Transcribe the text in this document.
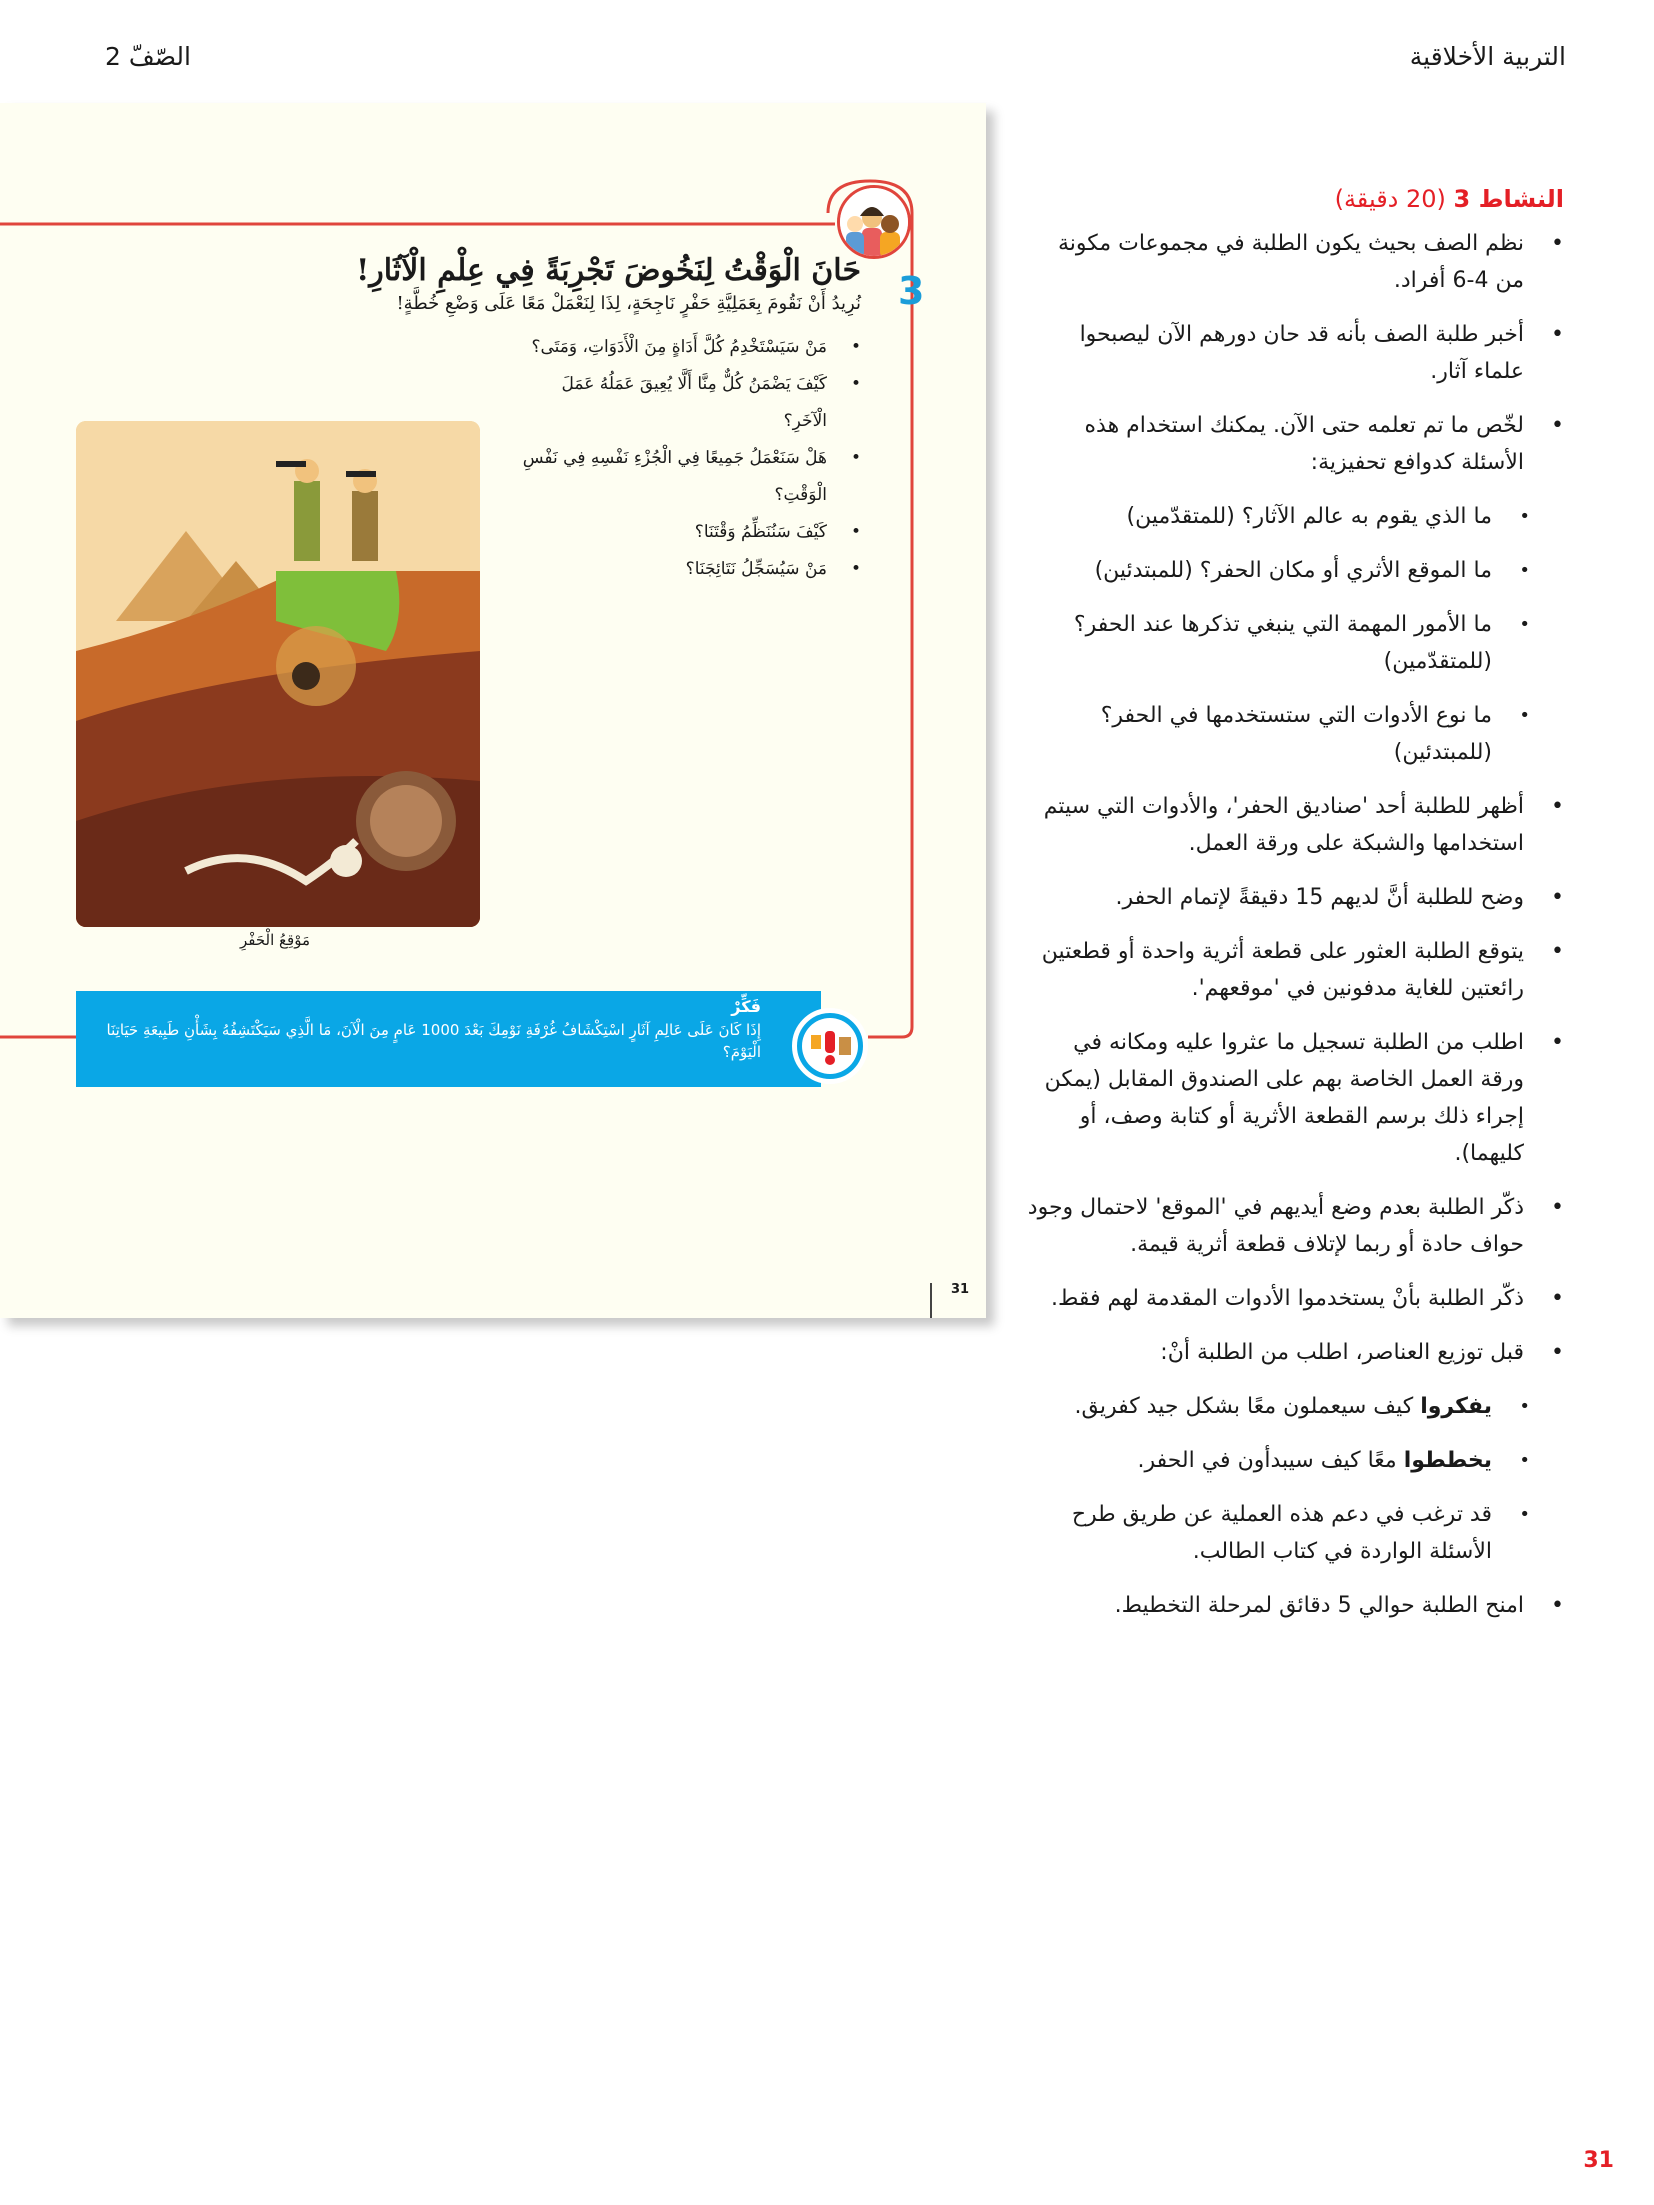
التربية الأخلاقية
الصّفّ 2
3
حَانَ الْوَقْتُ لِنَخُوضَ تَجْرِبَةً فِي عِلْمِ الْآثَارِ!
نُرِيدُ أَنْ نَقُومَ بِعَمَلِيَّةِ حَفْرٍ نَاجِحَةٍ، لِذَا لِنَعْمَلْ مَعًا عَلَى وَضْعِ خُطَّةٍ!
• مَنْ سَيَسْتَخْدِمُ كُلَّ أَدَاةٍ مِنَ الْأَدَوَاتِ، وَمَتَى؟
• كَيْفَ يَضْمَنُ كُلٌّ مِنَّا أَلَّا يُعِيقَ عَمَلُهُ عَمَلَ الْآخَرِ؟
• هَلْ سَنَعْمَلُ جَمِيعًا فِي الْجُزْءِ نَفْسِهِ فِي نَفْسِ الْوَقْتِ؟
• كَيْفَ سَنُنَظِّمُ وَقْتَنَا؟
• مَنْ سَيُسَجِّلُ نَتَائِجَنَا؟
مَوْقِعُ الْحَفْرِ
فَكِّرْ
إِذَا كَانَ عَلَى عَالِمِ آثَارٍ اسْتِكْشَافُ غُرْفَةِ نَوْمِكَ بَعْدَ 1000 عَامٍ مِنَ الْآنَ، مَا الَّذِي سَيَكْتَشِفُهُ بِشَأْنِ طَبِيعَةِ حَيَاتِنَا الْيَوْمَ؟
31
النشاط 3 (20 دقيقة)
• نظم الصف بحيث يكون الطلبة في مجموعات مكونة من 4-6 أفراد.
• أخبر طلبة الصف بأنه قد حان دورهم الآن ليصبحوا علماء آثار.
• لخّص ما تم تعلمه حتى الآن. يمكنك استخدام هذه الأسئلة كدوافع تحفيزية:
• ما الذي يقوم به عالم الآثار؟ (للمتقدّمين)
• ما الموقع الأثري أو مكان الحفر؟ (للمبتدئين)
• ما الأمور المهمة التي ينبغي تذكرها عند الحفر؟ (للمتقدّمين)
• ما نوع الأدوات التي ستستخدمها في الحفر؟ (للمبتدئين)
• أظهر للطلبة أحد 'صناديق الحفر'، والأدوات التي سيتم استخدامها والشبكة على ورقة العمل.
• وضح للطلبة أنَّ لديهم 15 دقيقةً لإتمام الحفر.
• يتوقع الطلبة العثور على قطعة أثرية واحدة أو قطعتين رائعتين للغاية مدفونين في 'موقعهم'.
• اطلب من الطلبة تسجيل ما عثروا عليه ومكانه في ورقة العمل الخاصة بهم على الصندوق المقابل (يمكن إجراء ذلك برسم القطعة الأثرية أو كتابة وصف، أو كليهما).
• ذكّر الطلبة بعدم وضع أيديهم في 'الموقع' لاحتمال وجود حواف حادة أو ربما لإتلاف قطعة أثرية قيمة.
• ذكّر الطلبة بأنْ يستخدموا الأدوات المقدمة لهم فقط.
• قبل توزيع العناصر، اطلب من الطلبة أنْ:
• يفكروا كيف سيعملون معًا بشكل جيد كفريق.
• يخططوا معًا كيف سيبدأون في الحفر.
• قد ترغب في دعم هذه العملية عن طريق طرح الأسئلة الواردة في كتاب الطالب.
• امنح الطلبة حوالي 5 دقائق لمرحلة التخطيط.
31
